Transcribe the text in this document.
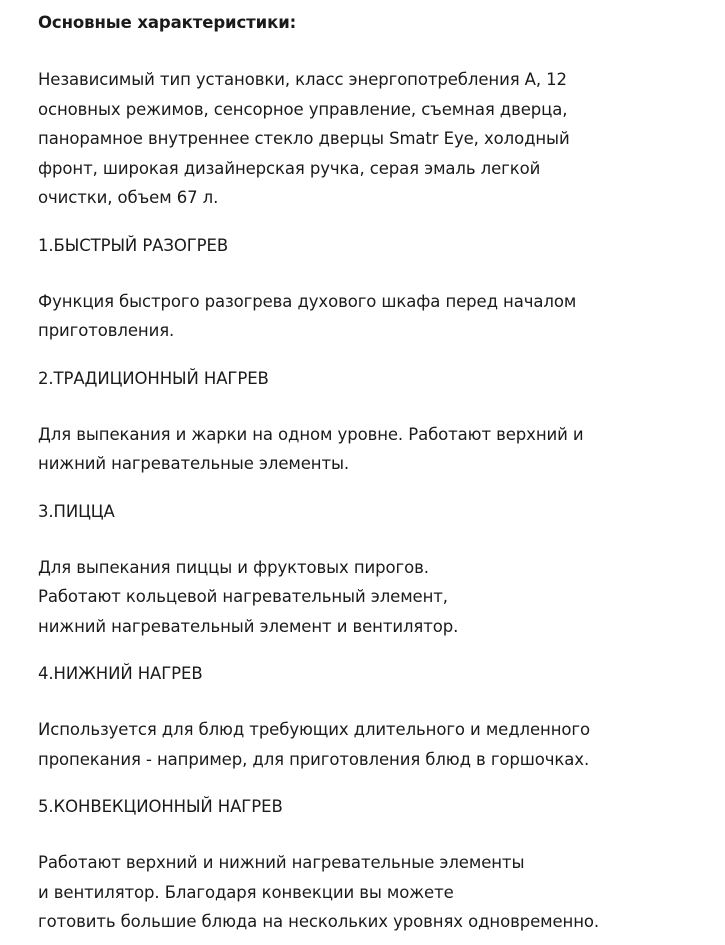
Основные характеристики:
Независимый тип установки, класс энергопотребления А, 12
основных режимов, сенсорное управление, съемная дверца,
панорамное внутреннее стекло дверцы Smatr Eye, холодный
фронт, широкая дизайнерская ручка, серая эмаль легкой
очистки, объем 67 л.
1.БЫСТРЫЙ РАЗОГРЕВ
Функция быстрого разогрева духового шкафа перед началом
приготовления.
2.ТРАДИЦИОННЫЙ НАГРЕВ
Для выпекания и жарки на одном уровне. Работают верхний и
нижний нагревательные элементы.
3.ПИЦЦА
Для выпекания пиццы и фруктовых пирогов.
Работают кольцевой нагревательный элемент,
нижний нагревательный элемент и вентилятор.
4.НИЖНИЙ НАГРЕВ
Используется для блюд требующих длительного и медленного
пропекания - например, для приготовления блюд в горшочках.
5.КОНВЕКЦИОННЫЙ НАГРЕВ
Работают верхний и нижний нагревательные элементы
и вентилятор. Благодаря конвекции вы можете
готовить большие блюда на нескольких уровнях одновременно.
